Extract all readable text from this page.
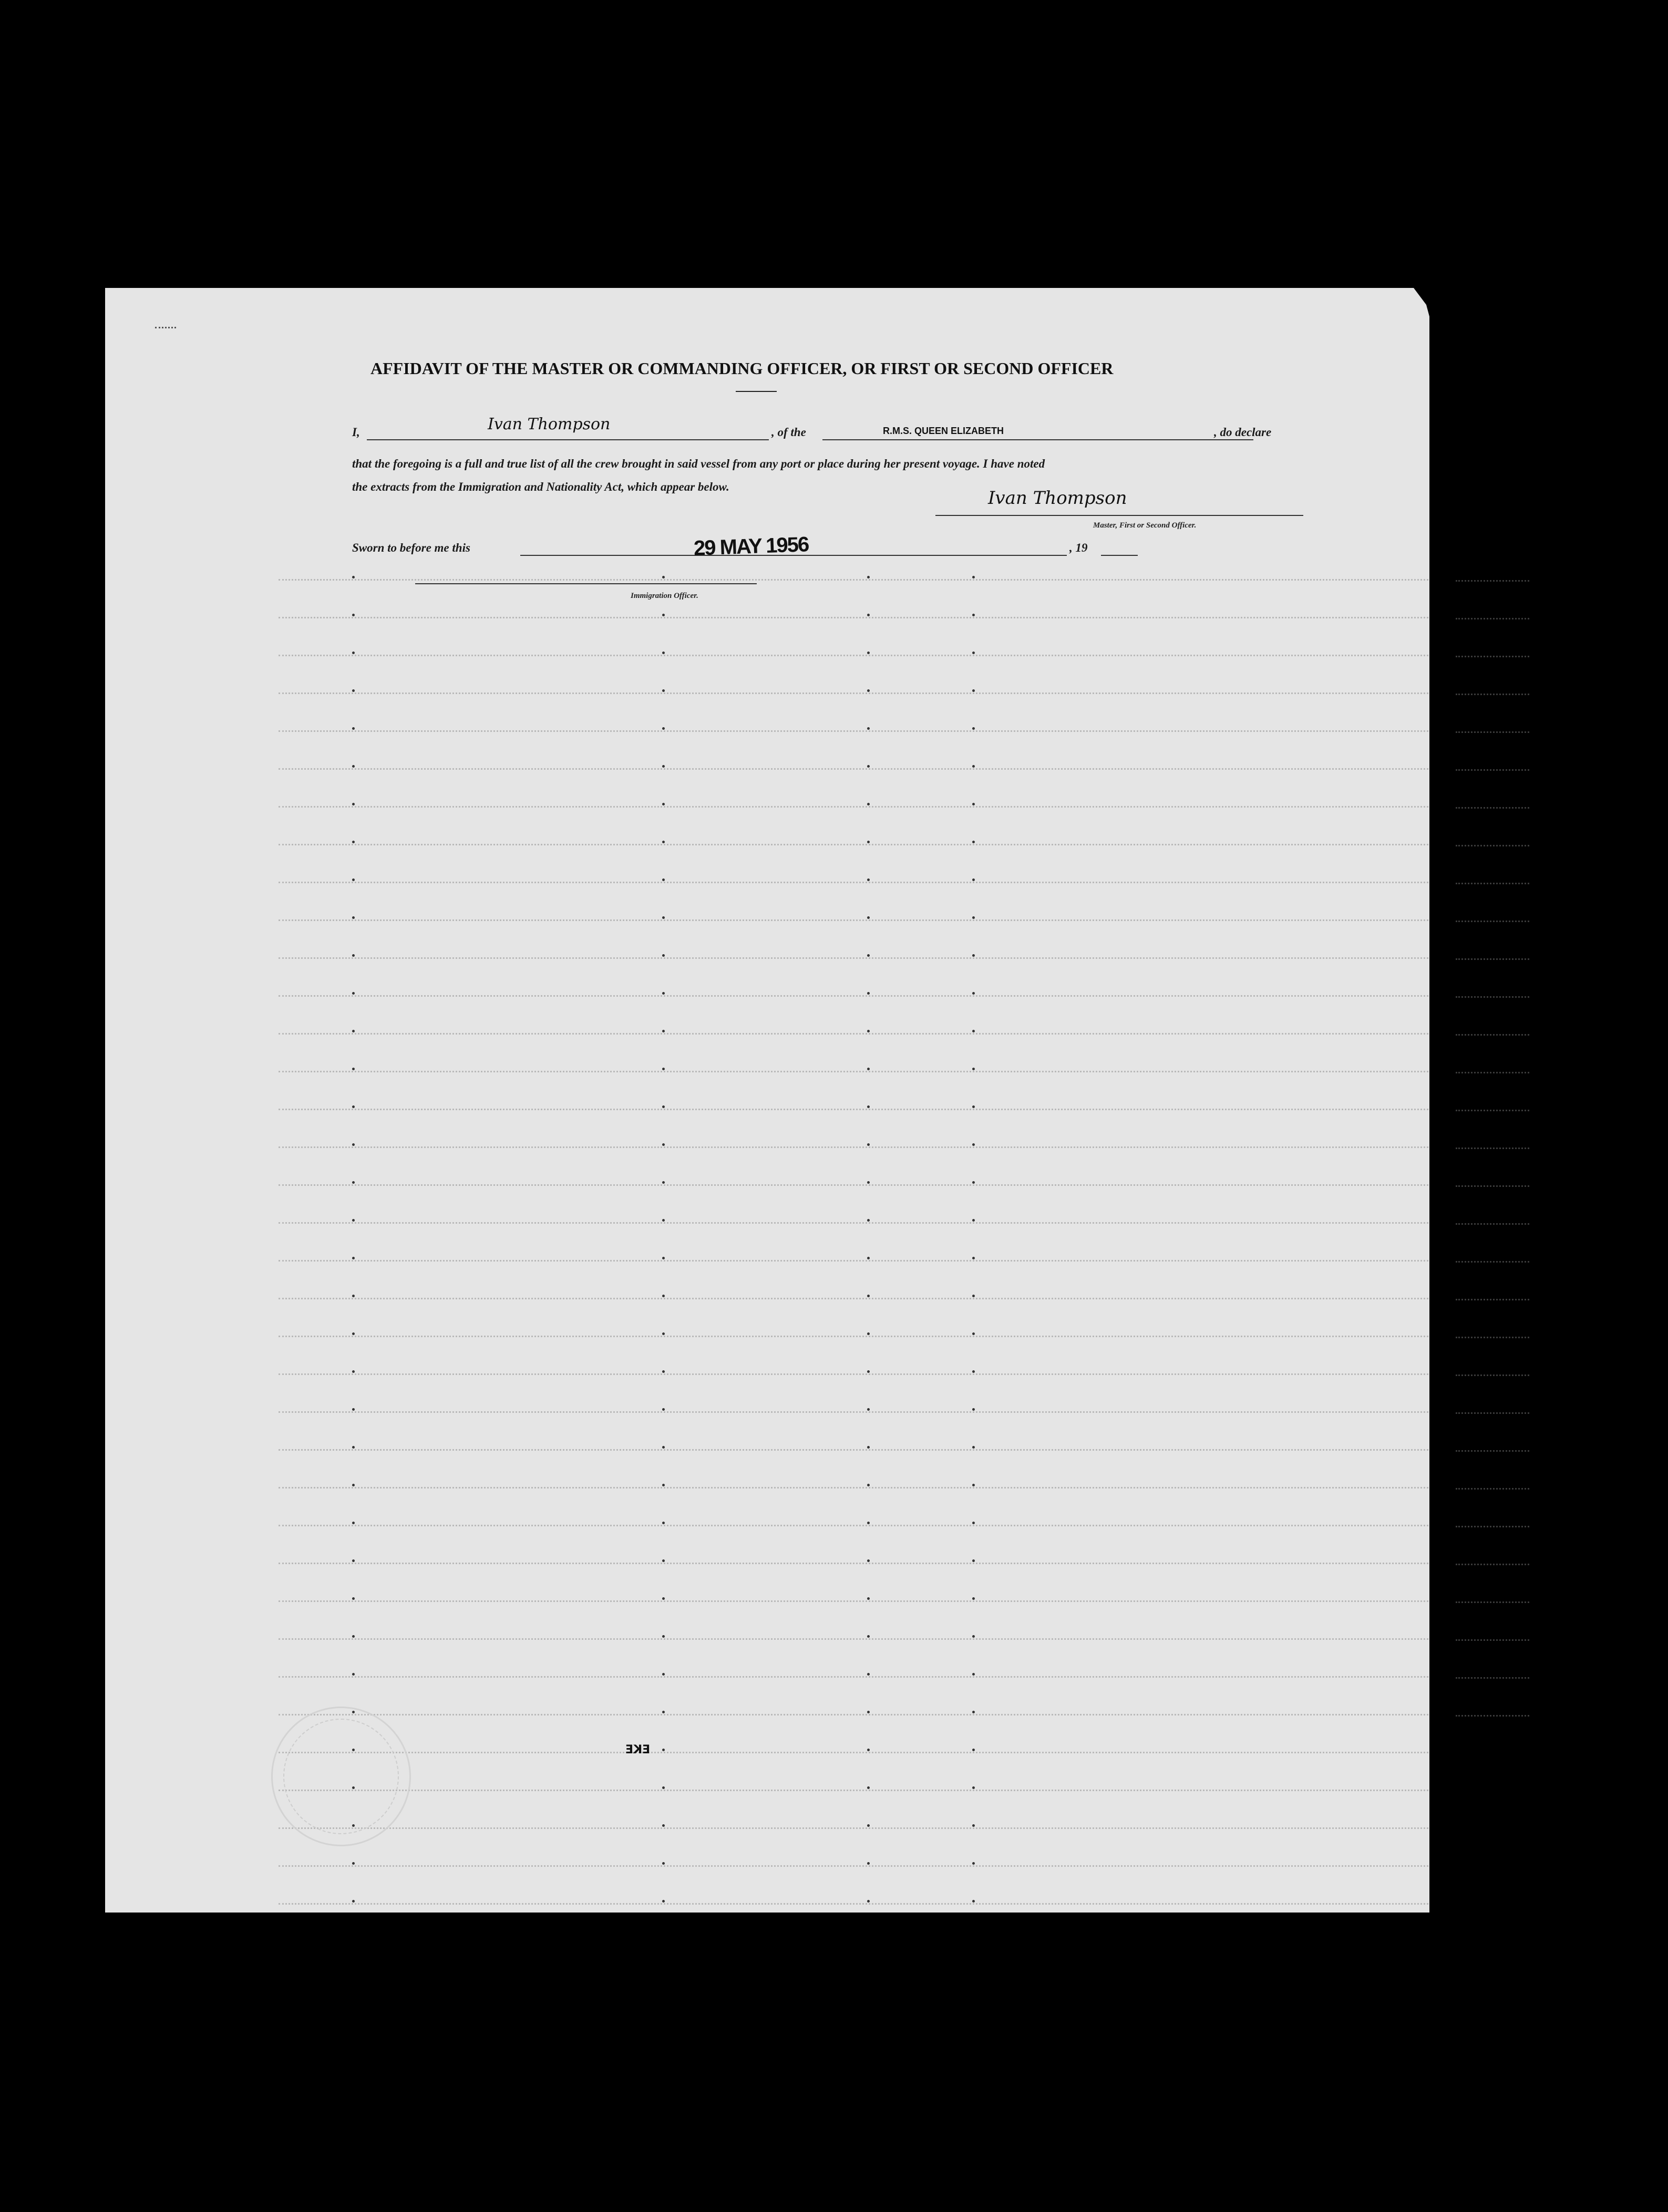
AFFIDAVIT OF THE MASTER OR COMMANDING OFFICER, OR FIRST OR SECOND OFFICER
I,	Ivan Thompson	, of the	R.M.S. QUEEN ELIZABETH	, do declare
that the foregoing is a full and true list of all the crew brought in said vessel from any port or place during her present voyage. I have noted
the extracts from the Immigration and Nationality Act, which appear below.
Ivan Thompson
Master, First or Second Officer.
Sworn to before me this	29 MAY 1956	, 19
Immigration Officer.
EKE
